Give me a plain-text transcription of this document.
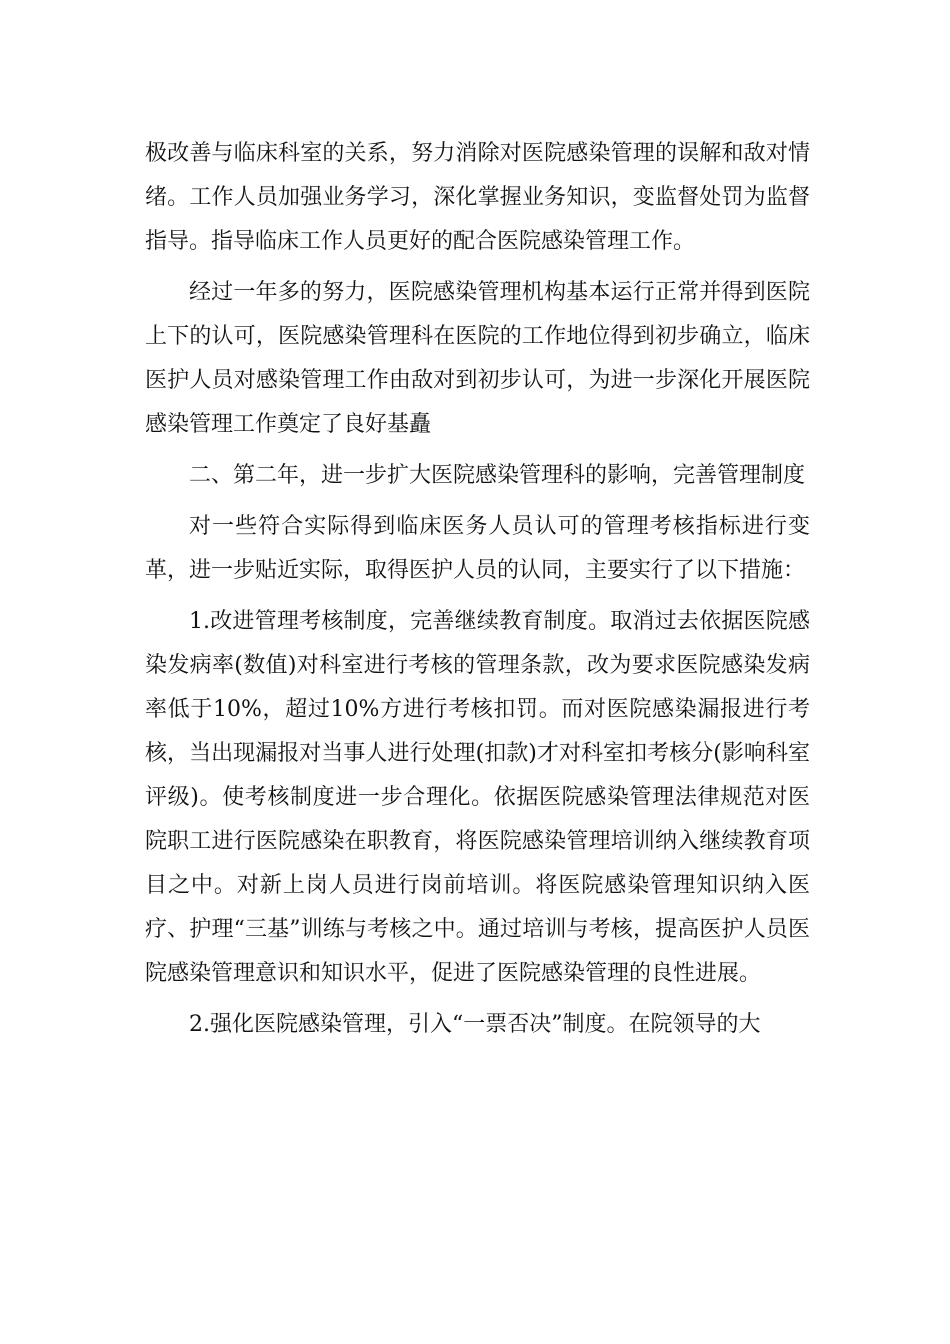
极改善与临床科室的关系，努力消除对医院感染管理的误解和敌对情绪。工作人员加强业务学习，深化掌握业务知识，变监督处罚为监督指导。指导临床工作人员更好的配合医院感染管理工作。

经过一年多的努力，医院感染管理机构基本运行正常并得到医院上下的认可，医院感染管理科在医院的工作地位得到初步确立，临床医护人员对感染管理工作由敌对到初步认可，为进一步深化开展医院感染管理工作奠定了良好基矗

二、第二年，进一步扩大医院感染管理科的影响，完善管理制度

对一些符合实际得到临床医务人员认可的管理考核指标进行变革，进一步贴近实际，取得医护人员的认同，主要实行了以下措施：

1.改进管理考核制度，完善继续教育制度。取消过去依据医院感染发病率(数值)对科室进行考核的管理条款，改为要求医院感染发病率低于10%，超过10%方进行考核扣罚。而对医院感染漏报进行考核，当出现漏报对当事人进行处理(扣款)才对科室扣考核分(影响科室评级)。使考核制度进一步合理化。依据医院感染管理法律规范对医院职工进行医院感染在职教育，将医院感染管理培训纳入继续教育项目之中。对新上岗人员进行岗前培训。将医院感染管理知识纳入医疗、护理“三基”训练与考核之中。通过培训与考核，提高医护人员医院感染管理意识和知识水平，促进了医院感染管理的良性进展。

2.强化医院感染管理，引入“一票否决”制度。在院领导的大
